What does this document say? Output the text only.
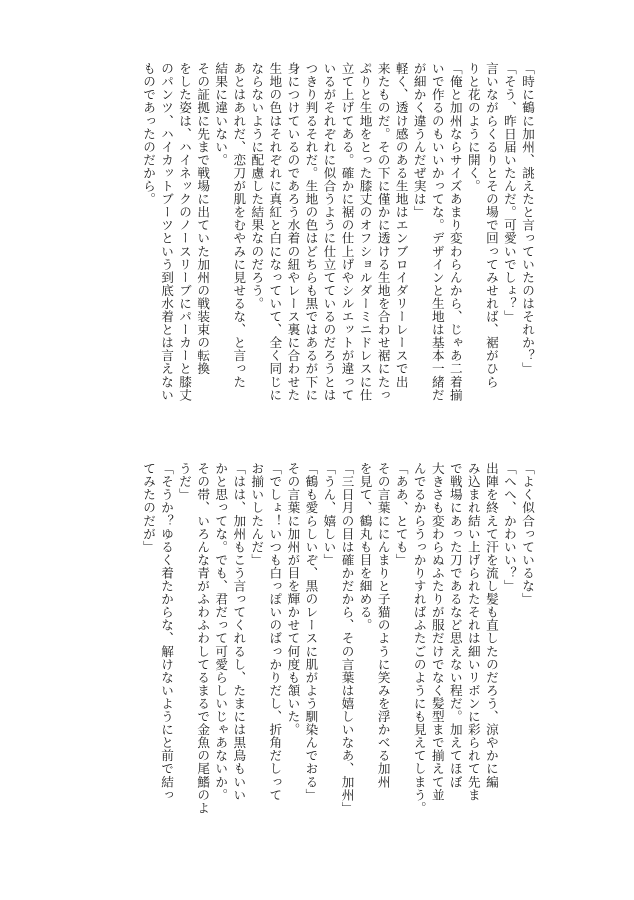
「時に鶴に加州、誂えたと言っていたのはそれか？」
「そう、昨日届いたんだ。可愛いでしょ？」
言いながらくるりとその場で回ってみせれば、裾がひら
りと花のように開く。
「俺と加州ならサイズあまり変わらんから、じゃあ二着揃
いで作るのもいいかってな。デザインと生地は基本一緒だ
が細かく違うんだぜ実は」
軽く、透け感のある生地はエンブロイダリーレースで出
来たものだ。その下に僅かに透ける生地を合わせ裾にたっ
ぷりと生地をとった膝丈のオフショルダーミニドレスに仕
立て上げてある。確かに裾の仕上げやシルエットが違って
いるがそれぞれに似合うように仕立てているのだろうとは
つきり判るそれだ。生地の色はどちらも黒ではあるが下に
身につけているのであろう水着の紐やレース裏に合わせた
生地の色はそれぞれに真紅と白になっていて、全く同じに
ならないように配慮した結果なのだろう。
あとはあれだ、恋刀が肌をむやみに見せるな、と言った
結果に違いない。
その証拠に先まで戦場に出ていた加州の戦装束の転換
をした姿は、ハイネックのノースリーブにパーカーと膝丈
のパンツ、ハイカットブーツという到底水着とは言えない
ものであったのだから。
「よく似合っているな」
「へへ、かわいい？」
出陣を終えて汗を流し髪も直したのだろう、涼やかに編
み込まれ結い上げられたそれは細いリボンに彩られて先ま
で戦場にあった刀であるなど思えない程だ。加えてほぼ
大きさも変わらぬふたりが服だけでなく髪型まで揃えて並
んでるからうっかりすればふたごのようにも見えてしまう。
「ああ、とても」
その言葉ににんまりと子猫のように笑みを浮かべる加州
を見て、鶴丸も目を細める。
「三日月の目は確かだから、その言葉は嬉しいなあ、加州」
「うん、嬉しい」
「鶴も愛らしいぞ、黒のレースに肌がよう馴染んでおる」
その言葉に加州が目を輝かせて何度も頷いた。
「でしょ！いつも白っぽいのばっかりだし、折角だしって
お揃いしたんだ」
「はは、加州もこう言ってくれるし、たまには黒鳥もいい
かと思ってな。でも、君だって可愛らしいじゃあないか。
その帯、いろんな青がふわふわしてるまるで金魚の尾鰭のよ
うだ」
「そうか？ゆるく着たからな、解けないようにと前で結っ
てみたのだが」
